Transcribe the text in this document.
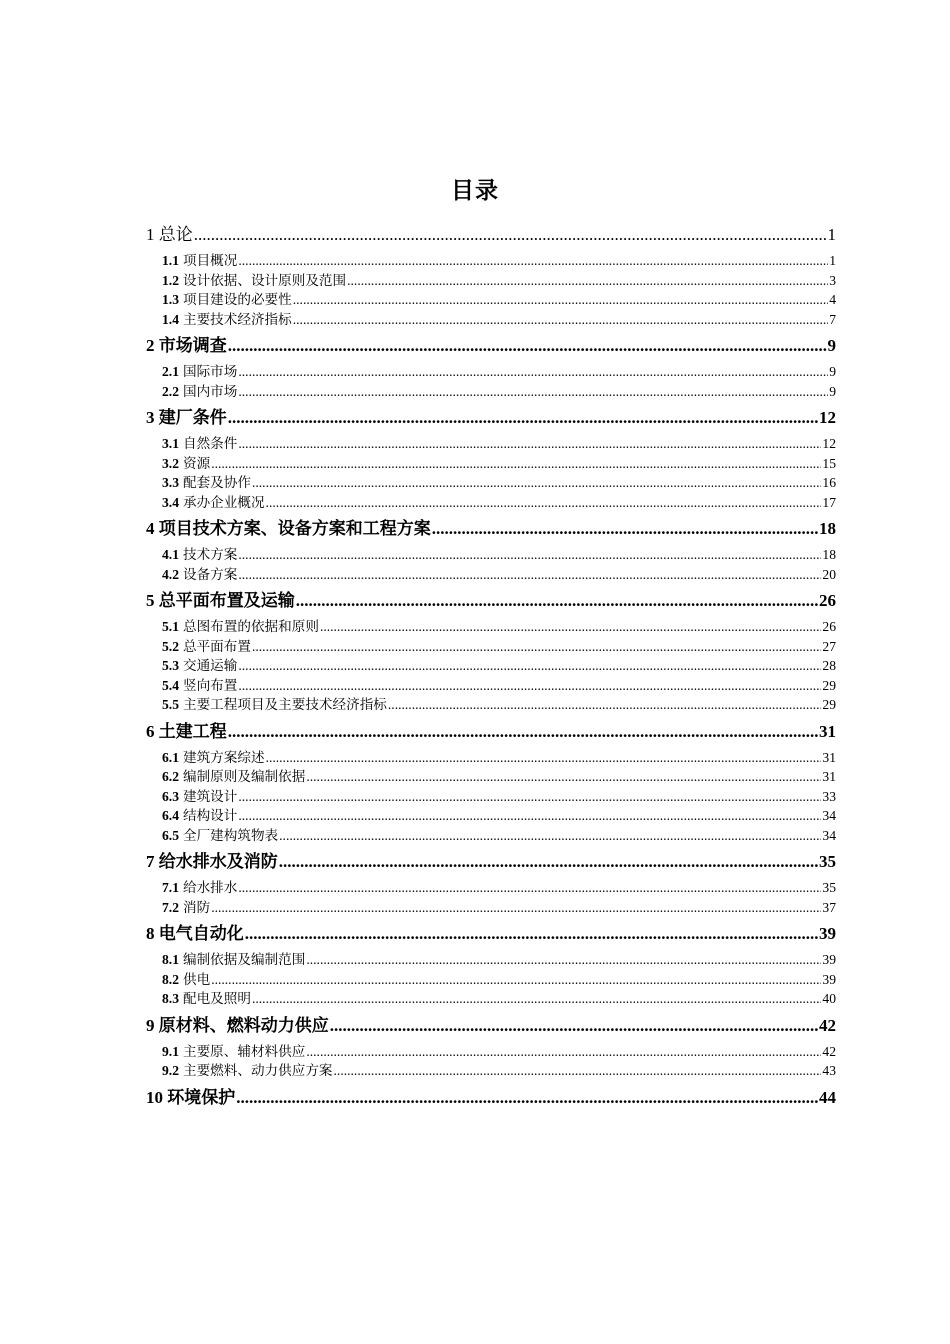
目录
1 总论 .....	1
1.1 项目概况 .....	1
1.2 设计依据、设计原则及范围 .....	3
1.3 项目建设的必要性 .....	4
1.4 主要技术经济指标 .....	7
2 市场调查 .....	9
2.1 国际市场 .....	9
2.2 国内市场 .....	9
3 建厂条件 .....	12
3.1 自然条件 .....	12
3.2 资源 .....	15
3.3 配套及协作 .....	16
3.4 承办企业概况 .....	17
4 项目技术方案、设备方案和工程方案 .....	18
4.1 技术方案 .....	18
4.2 设备方案 .....	20
5 总平面布置及运输 .....	26
5.1 总图布置的依据和原则 .....	26
5.2 总平面布置 .....	27
5.3 交通运输 .....	28
5.4 竖向布置 .....	29
5.5 主要工程项目及主要技术经济指标 .....	29
6 土建工程 .....	31
6.1 建筑方案综述 .....	31
6.2 编制原则及编制依据 .....	31
6.3 建筑设计 .....	33
6.4 结构设计 .....	34
6.5 全厂建构筑物表 .....	34
7 给水排水及消防 .....	35
7.1 给水排水 .....	35
7.2 消防 .....	37
8 电气自动化 .....	39
8.1 编制依据及编制范围 .....	39
8.2 供电 .....	39
8.3 配电及照明 .....	40
9 原材料、燃料动力供应 .....	42
9.1 主要原、辅材料供应 .....	42
9.2 主要燃料、动力供应方案 .....	43
10 环境保护 .....	44
